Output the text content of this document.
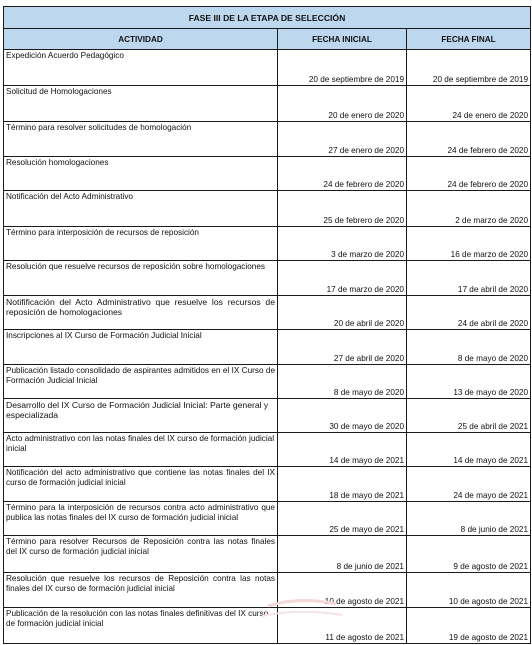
FASE III DE LA ETAPA DE SELECCIÓN		
ACTIVIDAD	FECHA INICIAL	FECHA FINAL
Expedición Acuerdo Pedagógico	20 de septiembre de 2019	20 de septiembre de 2019
Solicitud de Homologaciones	20 de enero de 2020	24 de enero de 2020
Término para resolver solicitudes de homologación	27 de enero de 2020	24 de febrero de 2020
Resolución homologaciones	24 de febrero de 2020	24 de febrero de 2020
Notificación del Acto Administrativo	25 de febrero de 2020	2 de marzo de 2020
Término para interposición de recursos de reposición	3 de marzo de 2020	16 de marzo de 2020
Resolución que resuelve recursos de reposición sobre homologaciones	17 de marzo de 2020	17 de abril de 2020
Notifificación del Acto Administrativo que resuelve los recursos de reposición de homologaciones	20 de abril de 2020	24 de abril de 2020
Inscripciones al IX Curso de Formación Judicial Inicial	27 de abril de 2020	8 de mayo de 2020
Publicación listado consolidado de aspirantes admitidos en el IX Curso de Formación Judicial Inicial	8 de mayo de 2020	13 de mayo de 2020
Desarrollo del IX Curso de Formación Judicial Inicial: Parte general y especializada	30 de mayo de 2020	25 de abril de 2021
Acto administrativo con las notas finales del IX curso de formación judicial inicial	14 de mayo de 2021	14 de mayo de 2021
Notificación del acto administrativo que contiene las notas finales del IX curso de formación judicial inicial	18 de mayo de 2021	24 de mayo de 2021
Término para la interposición de recursos contra acto administrativo que publica las notas finales del IX curso de formación judicial inicial	25 de mayo de 2021	8 de junio de 2021
Término para resolver Recursos de Reposición contra las notas finales del IX curso de formación judicial inicial	8 de junio de 2021	9 de agosto de 2021
Resolución que resuelve los recursos de Reposición contra las notas finales del IX curso de formación judicial inicial	10 de agosto de 2021	10 de agosto de 2021
Publicación de la resolución con las notas finales definitivas del IX curso de formación judicial inicial	11 de agosto de 2021	19 de agosto de 2021
